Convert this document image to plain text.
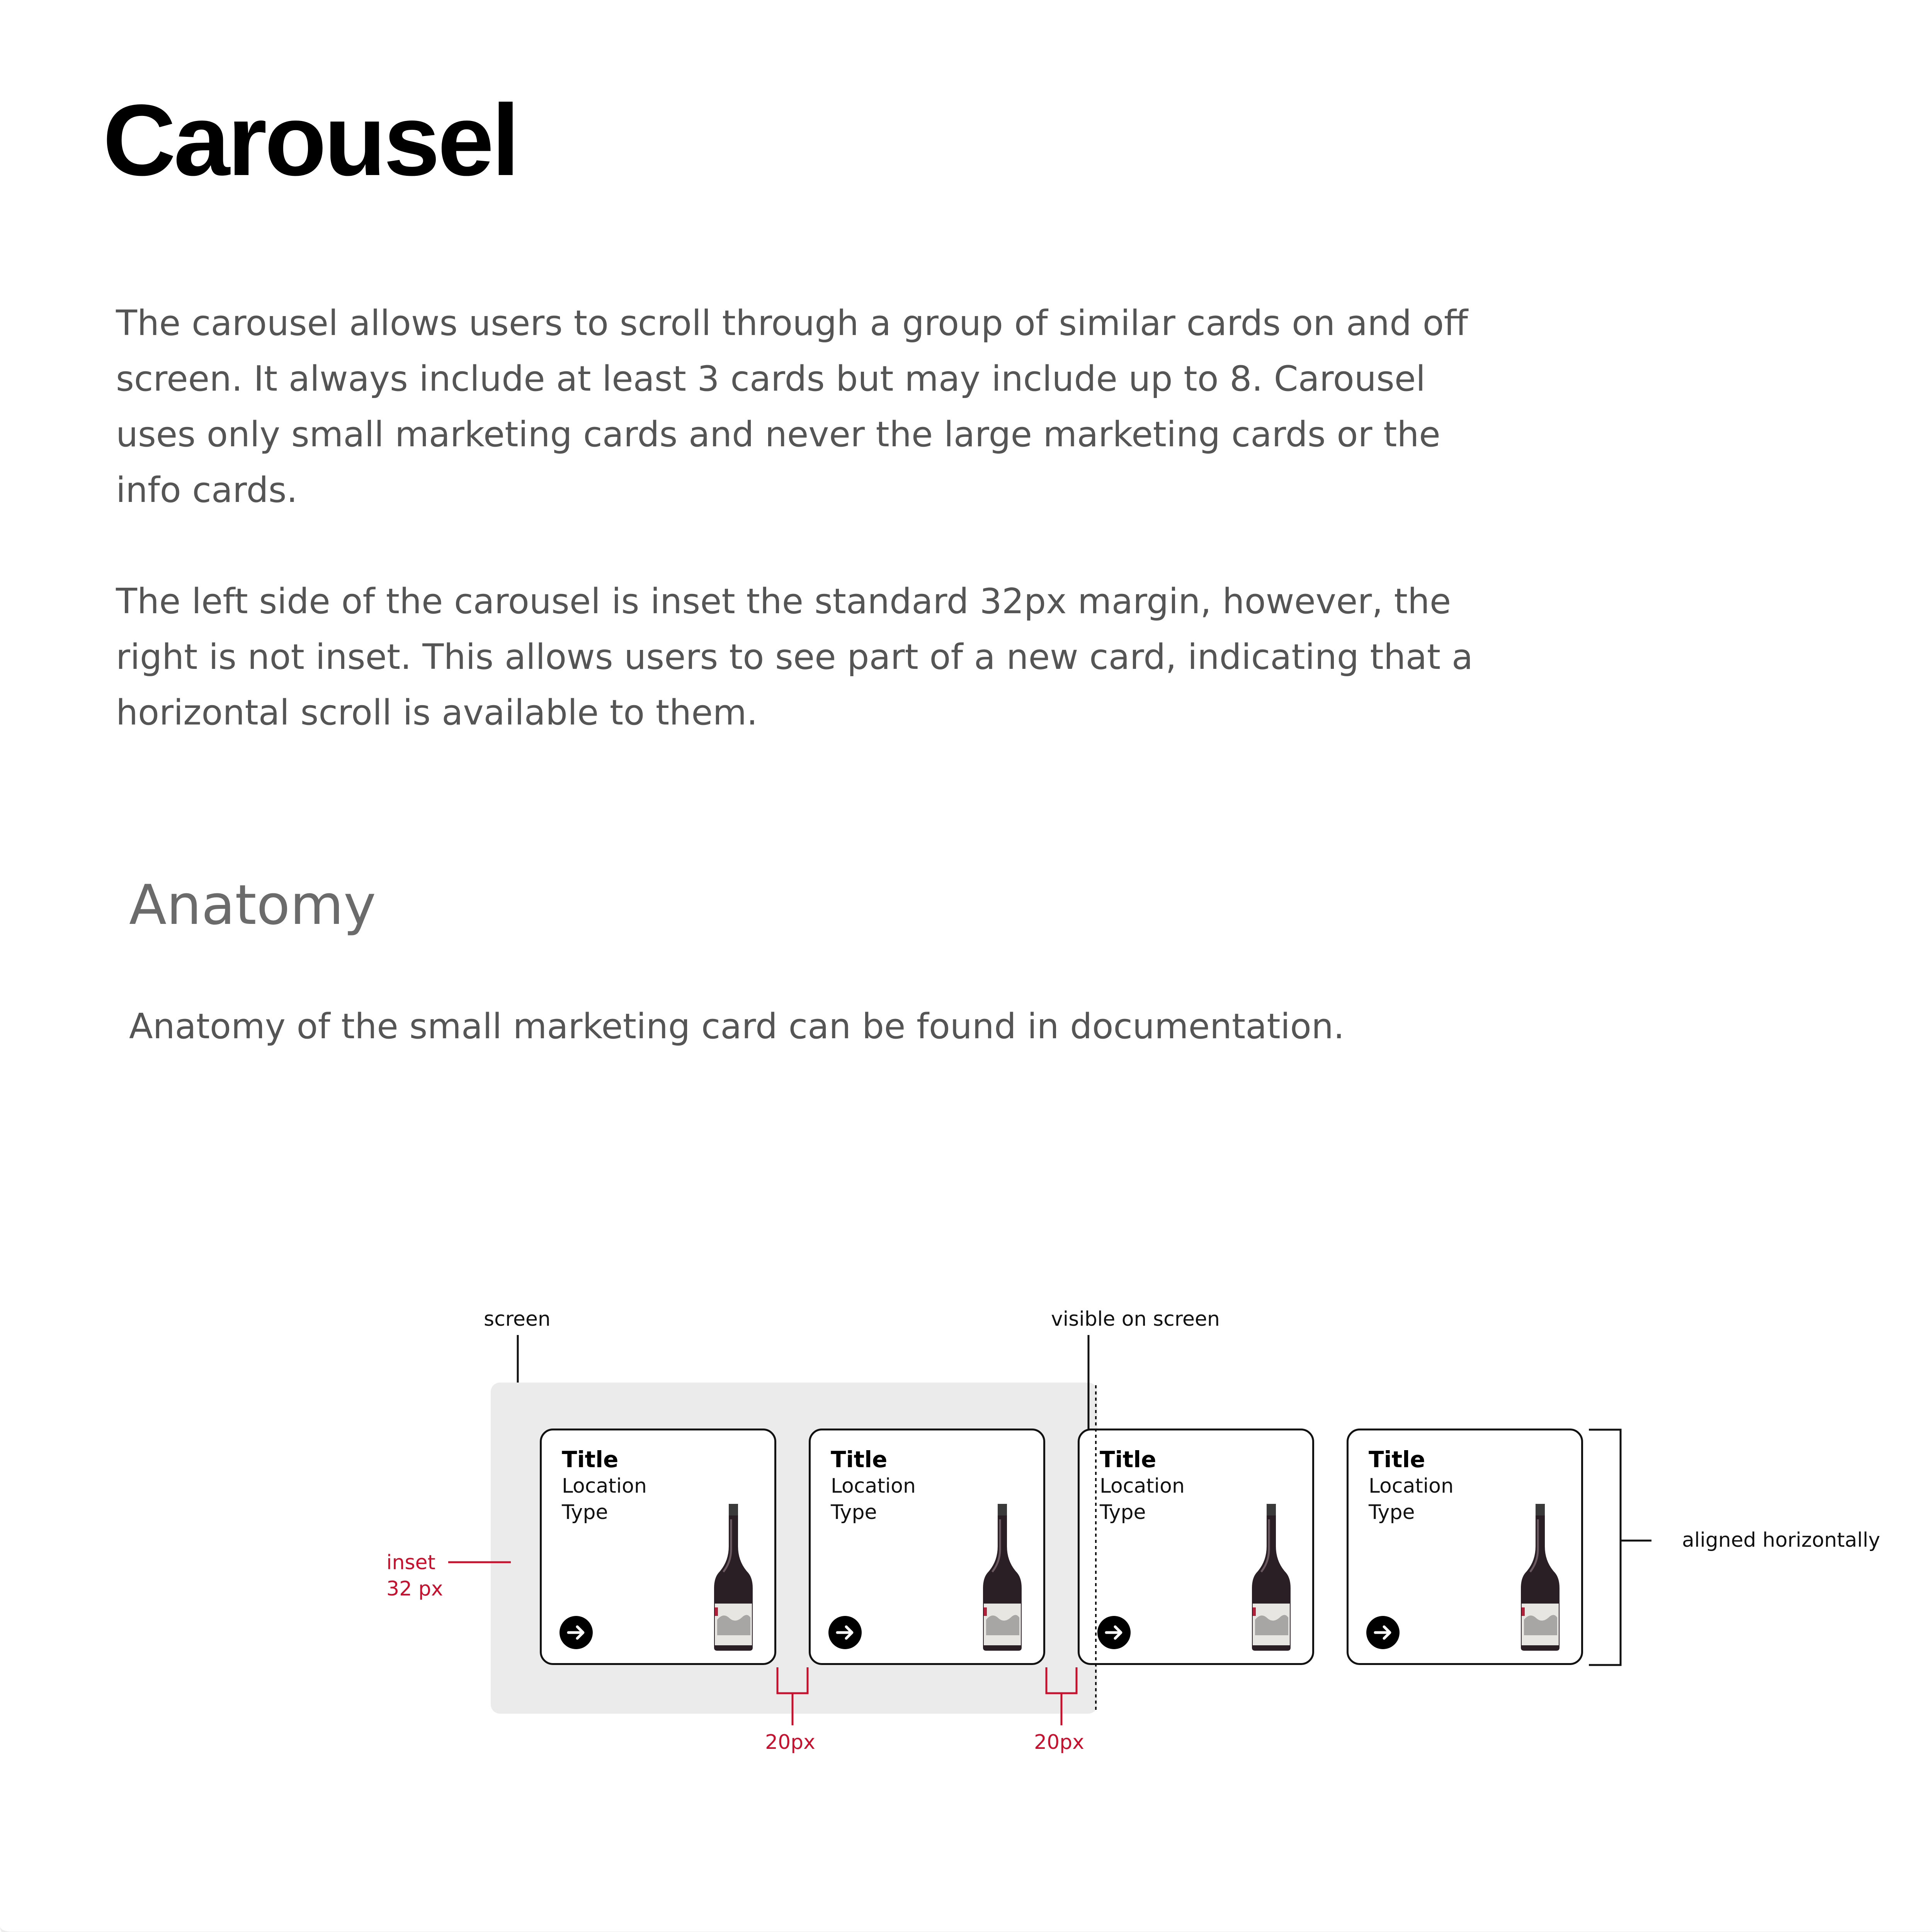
Carousel

The carousel allows users to scroll through a group of similar cards on and off screen. It always include at least 3 cards but may include up to 8. Carousel uses only small marketing cards and never the large marketing cards or the info cards.

The left side of the carousel is inset the standard 32px margin, however, the right is not inset. This allows users to see part of a new card, indicating that a horizontal scroll is available to them.

Anatomy

Anatomy of the small marketing card can be found in documentation.

Title
Location
Type
Title
Location
Type
Title
Location
Type
Title
Location
Type
screen	visible on screen
aligned horizontally
inset
32 px
20px	20px
